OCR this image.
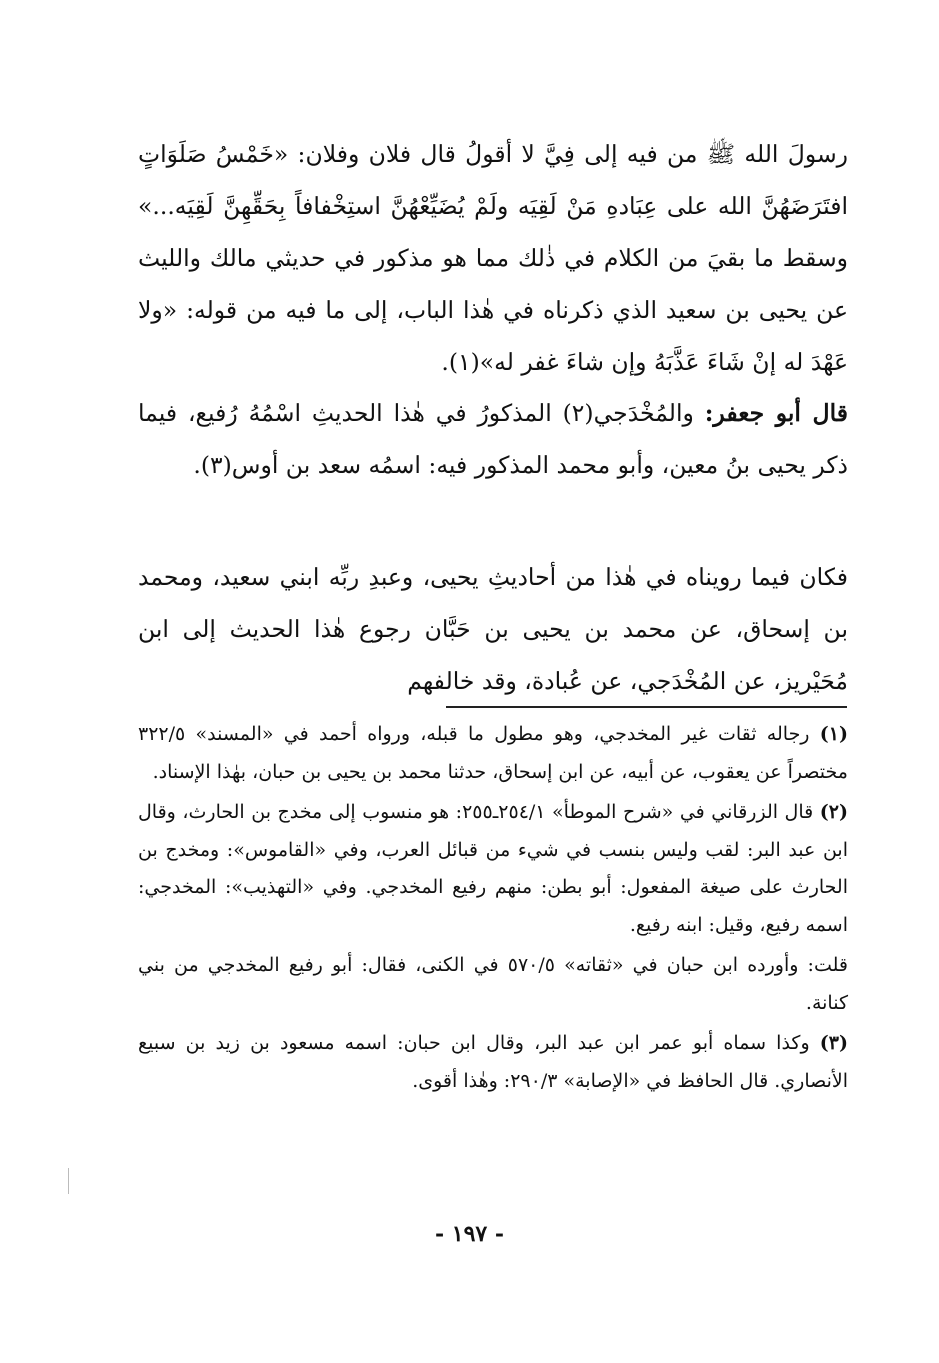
رسولَ الله ﷺ من فيه إلى فِيَّ لا أقولُ قال فلان وفلان: «خَمْسُ صَلَوَاتٍ افتَرَضَهُنَّ الله على عِبَادهِ مَنْ لَقِيَه ولَمْ يُضَيِّعْهُنَّ استِخْفافاً بِحَقِّهِنَّ لَقِيَه...» وسقط ما بقيَ من الكلام في ذٰلك مما هو مذكور في حديثي مالك والليث عن يحيى بن سعيد الذي ذكرناه في هٰذا الباب، إلى ما فيه من قوله: «ولا عَهْدَ له إنْ شَاءَ عَذَّبَهُ وإن شاءَ غفر له»(١).

قال أبو جعفر: والمُخْدَجي(٢) المذكورُ في هٰذا الحديثِ اسْمُهُ رُفيع، فيما ذكر يحيى بنُ معين، وأبو محمد المذكور فيه: اسمُه سعد بن أوس(٣).

فكان فيما رويناه في هٰذا من أحاديثِ يحيى، وعبدِ ربِّه ابني سعيد، ومحمد بن إسحاق، عن محمد بن يحيى بن حَبَّان رجوع هٰذا الحديث إلى ابن مُحَيْريز، عن المُخْدَجي، عن عُبادة، وقد خالفهم

(١) رجاله ثقات غير المخدجي، وهو مطول ما قبله، ورواه أحمد في «المسند» ٣٢٢/٥ مختصراً عن يعقوب، عن أبيه، عن ابن إسحاق، حدثنا محمد بن يحيى بن حبان، بهٰذا الإسناد.

(٢) قال الزرقاني في «شرح الموطأ» ٢٥٤/١ـ٢٥٥: هو منسوب إلى مخدج بن الحارث، وقال ابن عبد البر: لقب وليس بنسب في شيء من قبائل العرب، وفي «القاموس»: ومخدج بن الحارث على صيغة المفعول: أبو بطن: منهم رفيع المخدجي. وفي «التهذيب»: المخدجي: اسمه رفيع، وقيل: ابنه رفيع.

قلت: وأورده ابن حبان في «ثقاته» ٥٧٠/٥ في الكنى، فقال: أبو رفيع المخدجي من بني كنانة.

(٣) وكذا سماه أبو عمر ابن عبد البر، وقال ابن حبان: اسمه مسعود بن زيد بن سبيع الأنصاري. قال الحافظ في «الإصابة» ٢٩٠/٣: وهٰذا أقوى.

- ١٩٧ -
